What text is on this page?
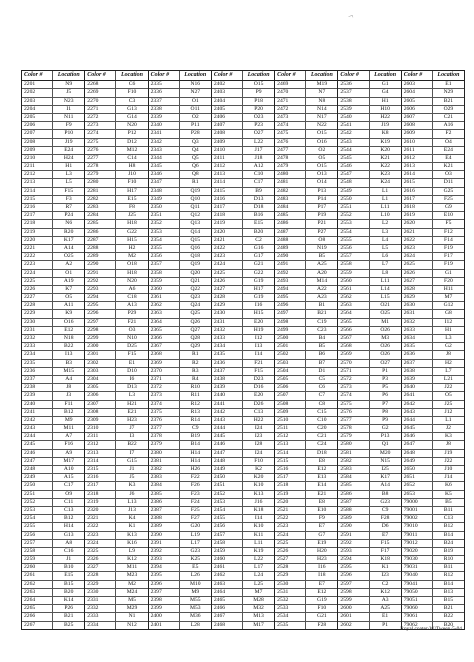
¬
Color #	Location
2201	N9
2202	J5
2203	N23
2204	I1
2205	N11
2206	F9
2207	P10
2208	J19
2209	E24
2210	H24
2211	H1
2212	L3
2213	L5
2214	F15
2215	F3
2216	R7
2217	P24
2218	N6
2219	R20
2220	K17
2221	A14
2222	O25
2223	A2
2224	O1
2225	A19
2226	K7
2227	O5
2228	A11
2229	K9
2230	O16
2231	E12
2232	N18
2233	B22
2234	I13
2235	B3
2236	M15
2237	A4
2238	J8
2239	J3
2240	F11
2241	B12
2242	M9
2243	M11
2244	A7
2245	F16
2246	A9
2247	M17
2248	A10
2249	A15
2250	C17
2251	O9
2252	C11
2253	C13
2254	B12
2255	H14
2256	G13
2257	A8
2258	C16
2259	J1
2260	B10
2261	E15
2262	B15
2263	B20
2264	K14
2265	P26
2266	B21
2267	B25
Color #	Location
2268	C6
2269	F10
2270	C3
2271	G13
2272	G14
2273	N20
2274	P12
2275	D12
2276	M12
2277	C14
2278	H8
2279	J10
2280	F10
2281	H17
2282	E15
2283	F8
2284	J25
2285	H18
2286	G22
2287	H15
2288	H2
2289	M2
2290	O18
2291	H18
2292	N20
2293	A6
2294	C18
2295	A13
2296	P29
2297	F21
2298	O3
2299	N10
2300	D25
2301	F15
2302	E1
2303	D10
2304	I6
2305	D13
2306	L3
2307	H21
2308	E21
2309	H23
2310	J7
2311	I3
2312	B22
2313	I7
2314	G15
2315	J1
2316	J5
2317	K3
2318	J6
2319	L13
2320	J13
2321	K4
2322	K1
2323	K13
2324	K16
2325	L9
2326	K12
2327	M11
2328	M23
2329	M2
2330	M24
2331	M5
2332	M29
2333	N1
2334	N12
Color #	Location
2335	N16
2336	N27
2337	O1
2338	O11
2339	O2
2340	P11
2341	P28
2342	Q3
2343	Q4
2344	Q5
2345	Q6
2346	Q8
2347	R1
2348	Q19
2349	Q10
2350	Q11
2351	Q12
2352	Q13
2353	Q14
2354	Q15
2355	Q16
2356	Q18
2357	Q19
2358	Q20
2359	Q21
2360	Q22
2361	Q23
2362	Q24
2363	Q25
2364	Q26
2365	Q27
2366	Q28
2367	Q29
2368	R1
2369	R2
2370	R3
2371	R4
2372	R10
2373	R11
2374	R12
2375	R13
2376	R14
2377	C9
2378	B19
2379	B14
2380	H14
2381	H14
2382	H26
2383	F22
2384	F26
2385	F23
2386	F24
2387	F25
2388	F27
2389	G20
2390	L19
2391	L17
2392	G23
2393	K25
2394	E5
2395	L26
2396	M10
2397	M9
2398	M55
2399	M53
2400	M36
2401	L28
Color #	Location
2402	O15
2403	P9
2404	P18
2405	P20
2406	O23
2407	P23
2408	O27
2409	L22
2410	J17
2411	J18
2412	A12
2413	C10
2414	C17
2415	B9
2416	D13
2417	D18
2418	B16
2419	E15
2420	B20
2421	C2
2422	G16
2423	G17
2424	G21
2425	G22
2426	G19
2427	H17
2428	G19
2429	I16
2430	H15
2431	E20
2432	H19
2433	I12
2434	I13
2435	I14
2436	F21
2437	F15
2438	D23
2439	D16
2440	E20
2441	D26
2442	C13
2443	H22
2444	I24
2445	I23
2446	I28
2447	I24
2448	F10
2449	K2
2450	K20
2451	K10
2452	K13
2453	J16
2454	K18
2455	I14
2456	K10
2457	K11
2458	L11
2459	K19
2460	L22
2461	L17
2462	L24
2463	L25
2464	M7
2465	M28
2466	M32
2467	M13
2468	M17
Color #	Location
2469	M19
2470	N7
2471	N8
2472	N14
2473	N17
2474	N22
2475	O15
2476	O16
2477	O2
2478	O5
2479	O15
2480	O13
2481	O14
2482	P13
2483	P14
2484	P17
2485	P19
2486	P21
2487	P27
2488	O8
2489	N19
2490	B5
2491	A25
2492	A20
2493	M14
2494	A22
2495	A23
2496	B1
2497	B21
2498	C19
2499	C23
2500	B4
2501	B5
2502	B6
2503	B7
2504	D1
2505	C5
2506	C6
2507	C7
2508	C8
2509	C15
2510	C10
2511	C20
2512	C21
2513	C24
2514	D18
2515	E8
2516	E12
2517	E13
2518	E14
2519	E21
2520	E8
2521	E10
2522	F9
2523	E7
2524	G7
2525	E19
2526	H20
2527	H23
2528	I16
2529	I18
2530	E7
2531	E12
2532	G19
2533	F10
2534	G21
2535	F28
Color #	Location
2536	G1
2537	G4
2538	H1
2539	H10
2540	H22
2541	J19
2542	K8
2543	K19
2544	K20
2545	K21
2546	K22
2547	K23
2548	K24
2549	L1
2550	L1
2551	L11
2552	L10
2553	L2
2554	L3
2555	L4
2556	L5
2557	L6
2558	L7
2559	L8
2560	L11
2561	L14
2562	L15
2563	O21
2564	O25
2565	M1
2566	O26
2567	M3
2568	O26
2569	O26
2570	O27
2571	P1
2572	P3
2573	P5
2574	P6
2575	P7
2576	P8
2577	P9
2578	G2
2579	P13
2580	Q1
2581	M20
2582	N15
2583	I25
2584	K17
2585	A14
2586	B8
2587	G23
2588	C9
2589	F28
2590	D6
2591	E7
2592	F15
2593	F17
2594	K18
2595	K1
2596	I23
2597	C2
2598	K12
2599	A3
2600	A25
2601	E1
2602	P1
Color #	Location
2603	E1
2604	N29
2605	B21
2606	O29
2607	C21
2608	A16
2609	F2
2610	O4
2611	E24
2612	E4
2613	K21
2614	O3
2615	D11
2616	G25
2617	F25
2618	G9
2619	E10
2620	F5
2621	F12
2622	F14
2623	F19
2624	F17
2625	F19
2626	G1
2627	F20
2628	H11
2629	M7
2630	G12
2631	G8
2632	I12
2633	H1
2634	L3
2635	G2
2636	J8
2637	H2
2638	L7
2639	L21
2640	J22
2641	O5
2642	J25
2643	J12
2644	L1
2645	J2
2646	K3
2647	J8
2648	J19
2649	J22
2650	J10
2651	J14
2652	K6
2653	K5
79000	B5
79001	B11
79002	C13
79010	B12
79011	B14
79012	B24
79020	B19
79030	R10
79031	B11
79040	R12
79041	B14
79050	B13
79051	B15
79060	B21
79061	B22
79062	B20
Royal.coater·W/Tween·5-04
